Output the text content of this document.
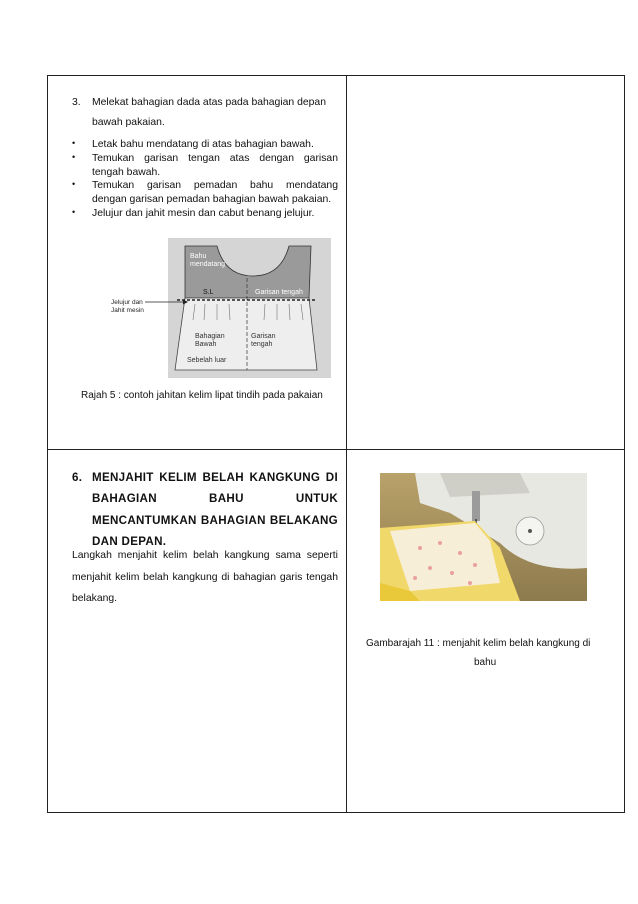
3. Melekat bahagian dada atas pada bahagian depan
bawah pakaian.
• Letak bahu mendatang di atas bahagian bawah.
• Temukan garisan tengan atas dengan garisan
tengah bawah.
• Temukan garisan pemadan bahu mendatang
dengan garisan pemadan bahagian bawah pakaian.
• Jelujur dan jahit mesin dan cabut benang jelujur.
Bahu
mendatang
S.L	Garisan tengah
Jelujur dan
Jahit mesin
Bahagian
Bawah
Garisan
tengah
Sebelah luar
Rajah 5 : contoh jahitan kelim lipat tindih pada pakaian
6. MENJAHIT KELIM BELAH KANGKUNG DI
BAHAGIAN	BAHU	UNTUK
MENCANTUMKAN BAHAGIAN BELAKANG
DAN DEPAN.
Langkah menjahit kelim belah kangkung sama seperti
menjahit kelim belah kangkung di bahagian garis tengah
belakang.
Gambarajah 11 : menjahit kelim belah kangkung di
bahu
